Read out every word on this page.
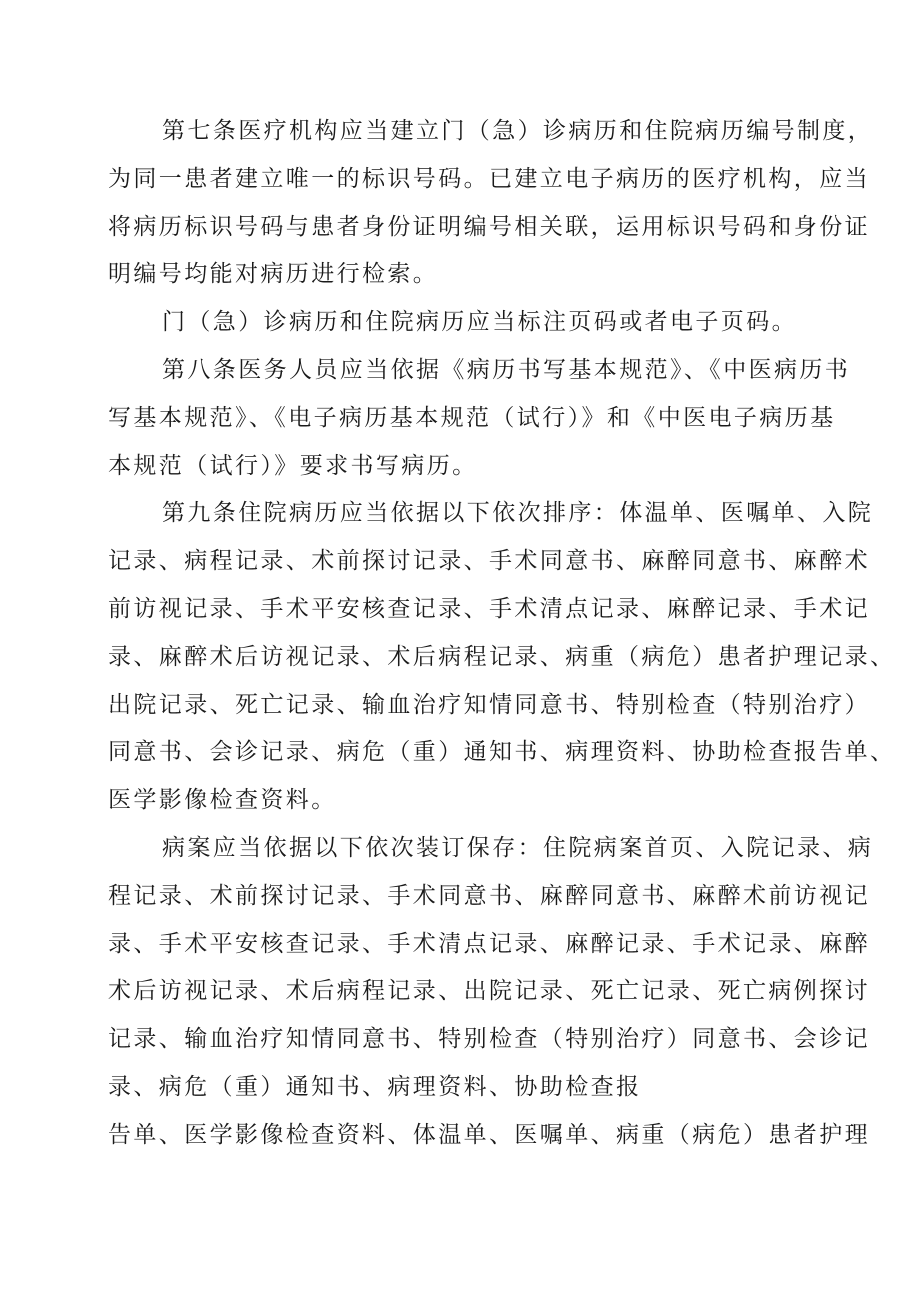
第七条医疗机构应当建立门（急）诊病历和住院病历编号制度，
为同一患者建立唯一的标识号码。已建立电子病历的医疗机构，应当
将病历标识号码与患者身份证明编号相关联，运用标识号码和身份证
明编号均能对病历进行检索。
门（急）诊病历和住院病历应当标注页码或者电子页码。
第八条医务人员应当依据《病历书写基本规范》、《中医病历书
写基本规范》、《电子病历基本规范（试行）》和《中医电子病历基
本规范（试行）》要求书写病历。
第九条住院病历应当依据以下依次排序：体温单、医嘱单、入院
记录、病程记录、术前探讨记录、手术同意书、麻醉同意书、麻醉术
前访视记录、手术平安核查记录、手术清点记录、麻醉记录、手术记
录、麻醉术后访视记录、术后病程记录、病重（病危）患者护理记录、
出院记录、死亡记录、输血治疗知情同意书、特别检查（特别治疗）
同意书、会诊记录、病危（重）通知书、病理资料、协助检查报告单、
医学影像检查资料。
病案应当依据以下依次装订保存：住院病案首页、入院记录、病
程记录、术前探讨记录、手术同意书、麻醉同意书、麻醉术前访视记
录、手术平安核查记录、手术清点记录、麻醉记录、手术记录、麻醉
术后访视记录、术后病程记录、出院记录、死亡记录、死亡病例探讨
记录、输血治疗知情同意书、特别检查（特别治疗）同意书、会诊记
录、病危（重）通知书、病理资料、协助检查报
告单、医学影像检查资料、体温单、医嘱单、病重（病危）患者护理
